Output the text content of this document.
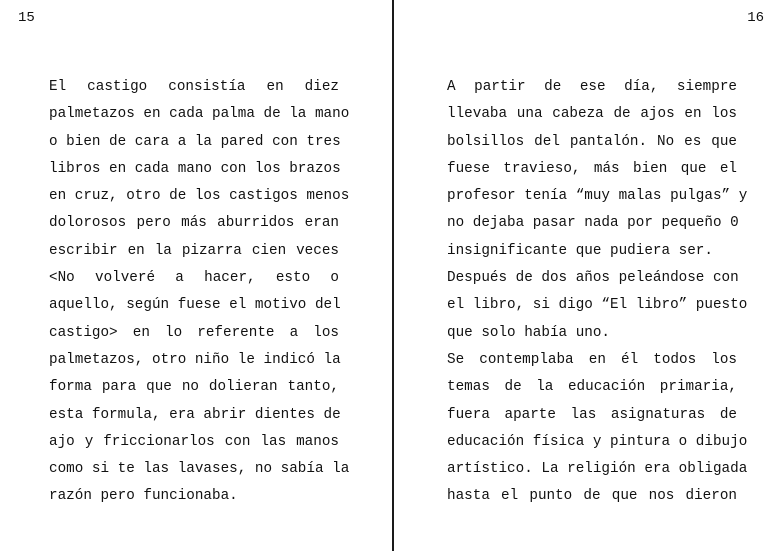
15
El castigo consistía en diez
palmetazos en cada palma de la mano
o bien de cara a la pared con tres
libros en cada mano con los brazos
en cruz, otro de los castigos menos
dolorosos pero más aburridos eran
escribir en la pizarra cien veces
<No volveré a hacer, esto o
aquello, según fuese el motivo del
castigo> en lo referente a los
palmetazos, otro niño le indicó la
forma para que no dolieran tanto,
esta formula, era abrir dientes de
ajo y friccionarlos con las manos
como si te las lavases, no sabía la
razón pero funcionaba.
16
A partir de ese día, siempre
llevaba una cabeza de ajos en los
bolsillos del pantalón. No es que
fuese travieso, más bien que el
profesor tenía “muy malas pulgas” y
no dejaba pasar nada por pequeño 0
insignificante que pudiera ser.
Después de dos años peleándose con
el libro, si digo “El libro” puesto
que solo había uno.
Se contemplaba en él todos los
temas de la educación primaria,
fuera aparte las asignaturas de
educación física y pintura o dibujo
artístico. La religión era obligada
hasta el punto de que nos dieron
